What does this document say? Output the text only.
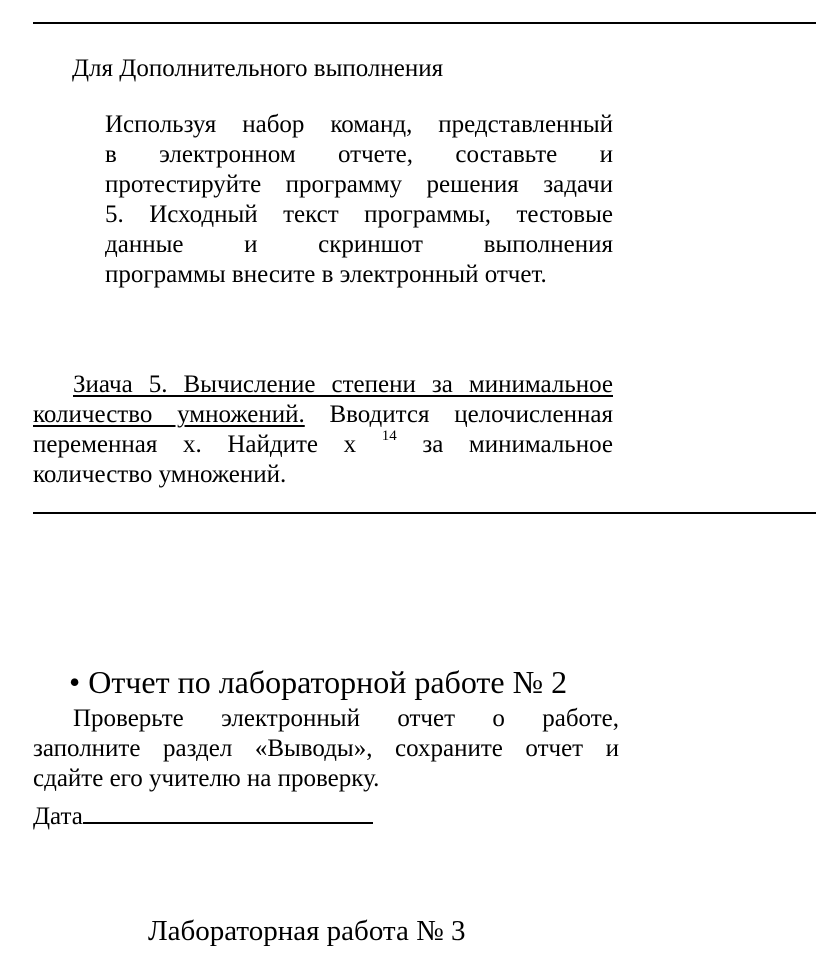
Для Дополнительного выполнения
Используя набор команд, представленный
в электронном отчете, составьте и
протестируйте программу решения задачи
5. Исходный текст программы, тестовые
данные и скриншот выполнения
программы внесите в электронный отчет.
Зиача 5. Вычисление степени за минимальное
количество умножений. Вводится целочисленная
переменная х. Найдите х $^{14}$ за минимальное
количество умножений.
• Отчет по лабораторной работе № 2
Проверьте электронный отчет о работе,
заполните раздел «Выводы», сохраните отчет и
сдайте его учителю на проверку.
Дата
Лабораторная работа № 3
